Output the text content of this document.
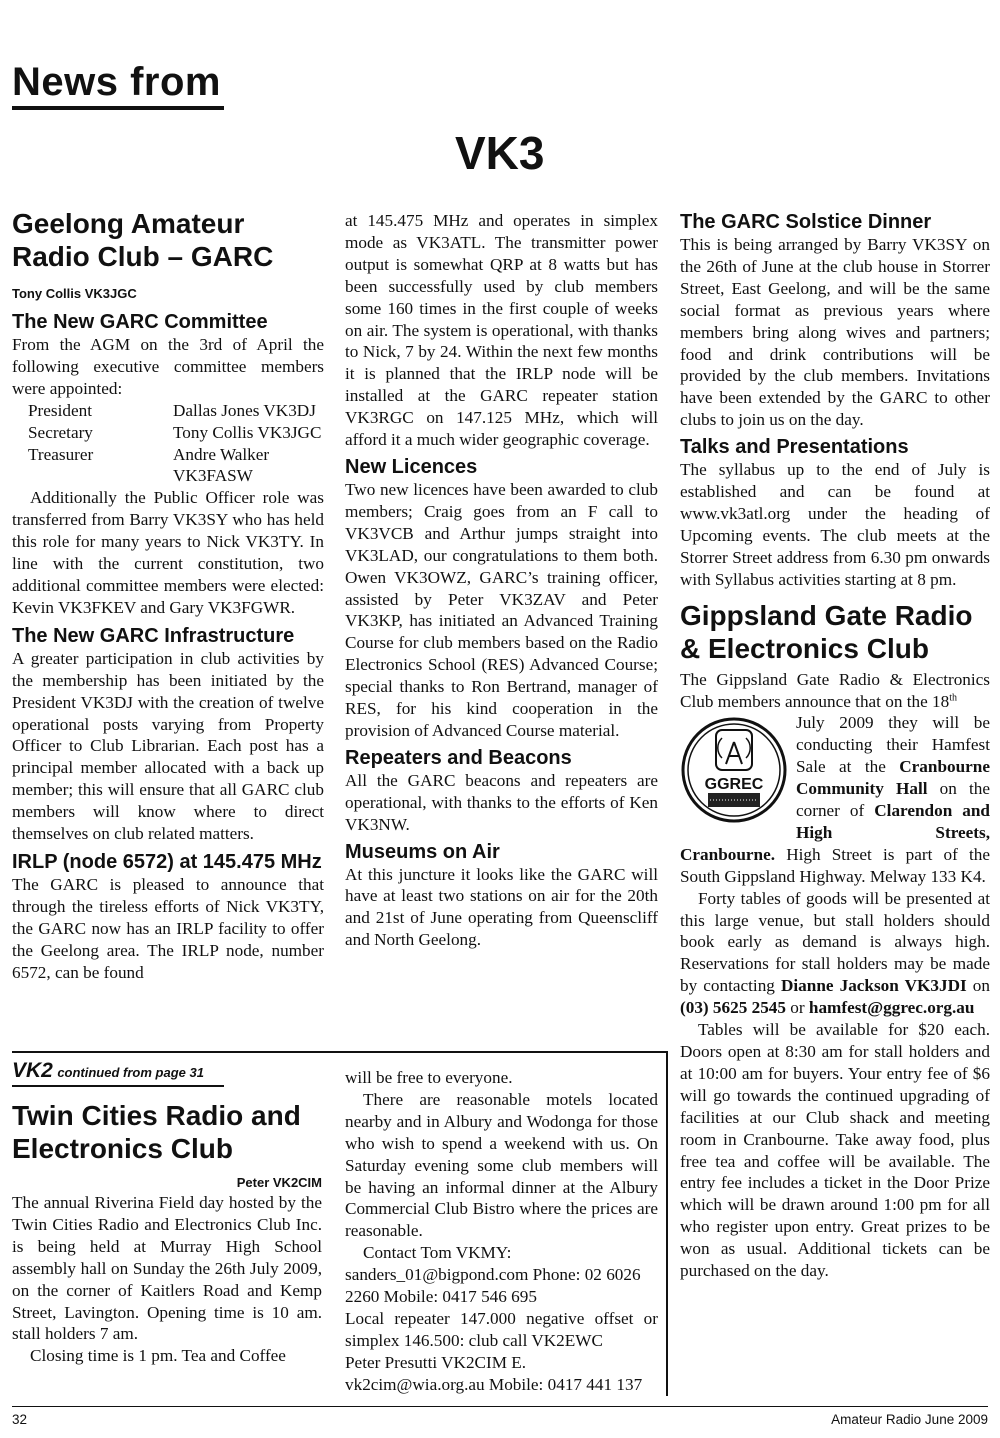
News from
VK3
Geelong Amateur Radio Club – GARC
Tony Collis VK3JGC
The New GARC Committee

From the AGM on the 3rd of April the following executive committee members were appointed:

President	Dallas Jones VK3DJ
Secretary	Tony Collis VK3JGC
Treasurer	Andre Walker VK3FASW

Additionally the Public Officer role was transferred from Barry VK3SY who has held this role for many years to Nick VK3TY. In line with the current constitution, two additional committee members were elected: Kevin VK3FKEV and Gary VK3FGWR.

The New GARC Infrastructure

A greater participation in club activities by the membership has been initiated by the President VK3DJ with the creation of twelve operational posts varying from Property Officer to Club Librarian. Each post has a principal member allocated with a back up member; this will ensure that all GARC club members will know where to direct themselves on club related matters.

IRLP (node 6572) at 145.475 MHz

The GARC is pleased to announce that through the tireless efforts of Nick VK3TY, the GARC now has an IRLP facility to offer the Geelong area. The IRLP node, number 6572, can be found

at 145.475 MHz and operates in simplex mode as VK3ATL. The transmitter power output is somewhat QRP at 8 watts but has been successfully used by club members some 160 times in the first couple of weeks on air. The system is operational, with thanks to Nick, 7 by 24. Within the next few months it is planned that the IRLP node will be installed at the GARC repeater station VK3RGC on 147.125 MHz, which will afford it a much wider geographic coverage.

New Licences

Two new licences have been awarded to club members; Craig goes from an F call to VK3VCB and Arthur jumps straight into VK3LAD, our congratulations to them both. Owen VK3OWZ, GARC’s training officer, assisted by Peter VK3ZAV and Peter VK3KP, has initiated an Advanced Training Course for club members based on the Radio Electronics School (RES) Advanced Course; special thanks to Ron Bertrand, manager of RES, for his kind cooperation in the provision of Advanced Course material.

Repeaters and Beacons

All the GARC beacons and repeaters are operational, with thanks to the efforts of Ken VK3NW.

Museums on Air

At this juncture it looks like the GARC will have at least two stations on air for the 20th and 21st of June operating from Queenscliff and North Geelong.

The GARC Solstice Dinner

This is being arranged by Barry VK3SY on the 26th of June at the club house in Storrer Street, East Geelong, and will be the same social format as previous years where members bring along wives and partners; food and drink contributions will be provided by the club members. Invitations have been extended by the GARC to other clubs to join us on the day.

Talks and Presentations

The syllabus up to the end of July is established and can be found at www.vk3atl.org under the heading of Upcoming events. The club meets at the Storrer Street address from 6.30 pm onwards with Syllabus activities starting at 8 pm.

Gippsland Gate Radio & Electronics Club

The Gippsland Gate Radio & Electronics Club members announce that on the 18th

GGREC

July 2009 they will be conducting their Hamfest Sale at the Cranbourne Community Hall on the corner of Clarendon and High Streets, Cranbourne. High Street is part of the South Gippsland Highway. Melway 133 K4.

Forty tables of goods will be presented at this large venue, but stall holders should book early as demand is always high. Reservations for stall holders may be made by contacting Dianne Jackson VK3JDI on (03) 5625 2545 or hamfest@ggrec.org.au

Tables will be available for $20 each. Doors open at 8:30 am for stall holders and at 10:00 am for buyers. Your entry fee of $6 will go towards the continued upgrading of facilities at our Club shack and meeting room in Cranbourne. Take away food, plus free tea and coffee will be available. The entry fee includes a ticket in the Door Prize which will be drawn around 1:00 pm for all who register upon entry. Great prizes to be won as usual. Additional tickets can be purchased on the day.

VK2 continued from page 31
Twin Cities Radio and Electronics Club
Peter VK2CIM

The annual Riverina Field day hosted by the Twin Cities Radio and Electronics Club Inc. is being held at Murray High School assembly hall on Sunday the 26th July 2009, on the corner of Kaitlers Road and Kemp Street, Lavington. Opening time is 10 am. stall holders 7 am.

Closing time is 1 pm. Tea and Coffee

will be free to everyone.

There are reasonable motels located nearby and in Albury and Wodonga for those who wish to spend a weekend with us. On Saturday evening some club members will be having an informal dinner at the Albury Commercial Club Bistro where the prices are reasonable.

Contact Tom VKMY: sanders_01@bigpond.com Phone: 02 6026 2260 Mobile: 0417 546 695

Local repeater 147.000 negative offset or simplex 146.500: club call VK2EWC

Peter Presutti VK2CIM E. vk2cim@wia.org.au Mobile: 0417 441 137

32	Amateur Radio June 2009
